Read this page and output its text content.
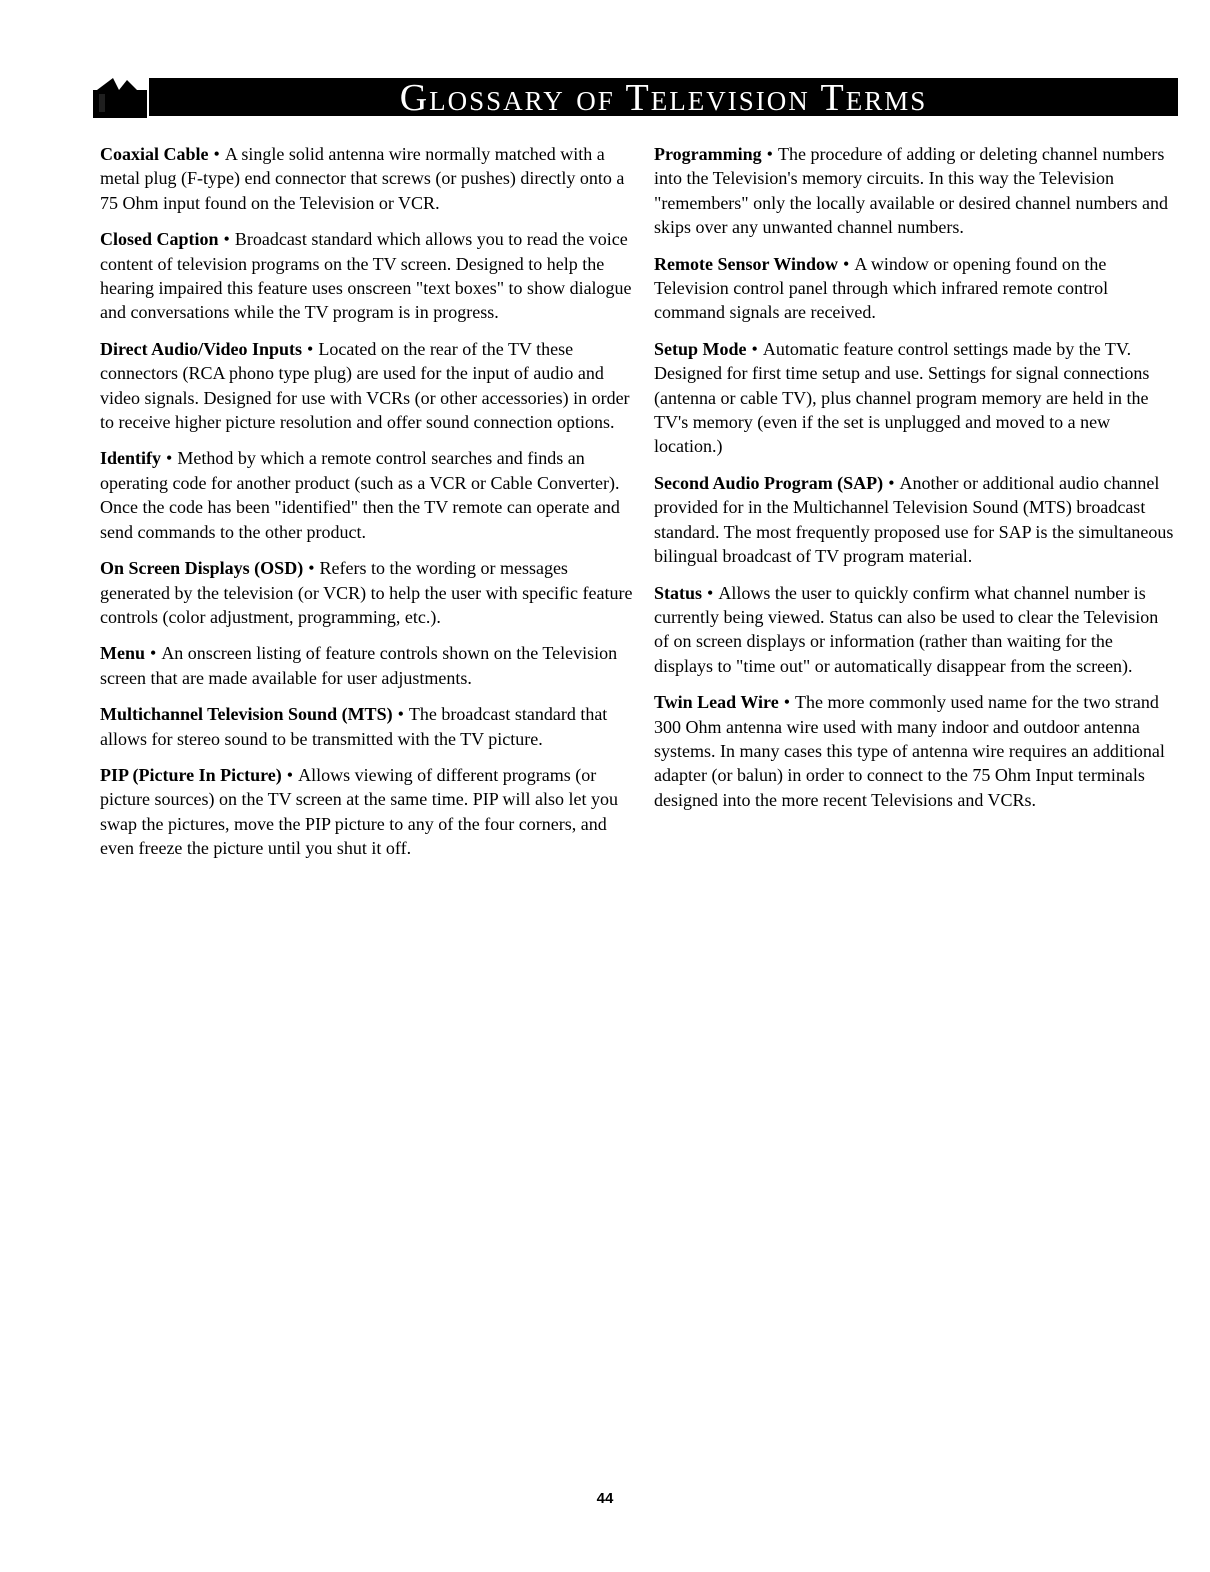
Glossary of Television Terms

Coaxial Cable • A single solid antenna wire normally matched with a metal plug (F-type) end connector that screws (or pushes) directly onto a 75 Ohm input found on the Television or VCR.

Closed Caption • Broadcast standard which allows you to read the voice content of television programs on the TV screen. Designed to help the hearing impaired this feature uses onscreen "text boxes" to show dialogue and conversations while the TV program is in progress.

Direct Audio/Video Inputs • Located on the rear of the TV these connectors (RCA phono type plug) are used for the input of audio and video signals. Designed for use with VCRs (or other accessories) in order to receive higher picture resolution and offer sound connection options.

Identify • Method by which a remote control searches and finds an operating code for another product (such as a VCR or Cable Converter). Once the code has been "identified" then the TV remote can operate and send commands to the other product.

On Screen Displays (OSD) • Refers to the wording or messages generated by the television (or VCR) to help the user with specific feature controls (color adjustment, programming, etc.).

Menu • An onscreen listing of feature controls shown on the Television screen that are made available for user adjustments.

Multichannel Television Sound (MTS) • The broadcast standard that allows for stereo sound to be transmitted with the TV picture.

PIP (Picture In Picture) • Allows viewing of different programs (or picture sources) on the TV screen at the same time. PIP will also let you swap the pictures, move the PIP picture to any of the four corners, and even freeze the picture until you shut it off.

Programming • The procedure of adding or deleting channel numbers into the Television's memory circuits. In this way the Television "remembers" only the locally available or desired channel numbers and skips over any unwanted channel numbers.

Remote Sensor Window • A window or opening found on the Television control panel through which infrared remote control command signals are received.

Setup Mode • Automatic feature control settings made by the TV. Designed for first time setup and use. Settings for signal connections (antenna or cable TV), plus channel program memory are held in the TV's memory (even if the set is unplugged and moved to a new location.)

Second Audio Program (SAP) • Another or additional audio channel provided for in the Multichannel Television Sound (MTS) broadcast standard. The most frequently proposed use for SAP is the simultaneous bilingual broadcast of TV program material.

Status • Allows the user to quickly confirm what channel number is currently being viewed. Status can also be used to clear the Television of on screen displays or information (rather than waiting for the displays to "time out" or automatically disappear from the screen).

Twin Lead Wire • The more commonly used name for the two strand 300 Ohm antenna wire used with many indoor and outdoor antenna systems. In many cases this type of antenna wire requires an additional adapter (or balun) in order to connect to the 75 Ohm Input terminals designed into the more recent Televisions and VCRs.

44
